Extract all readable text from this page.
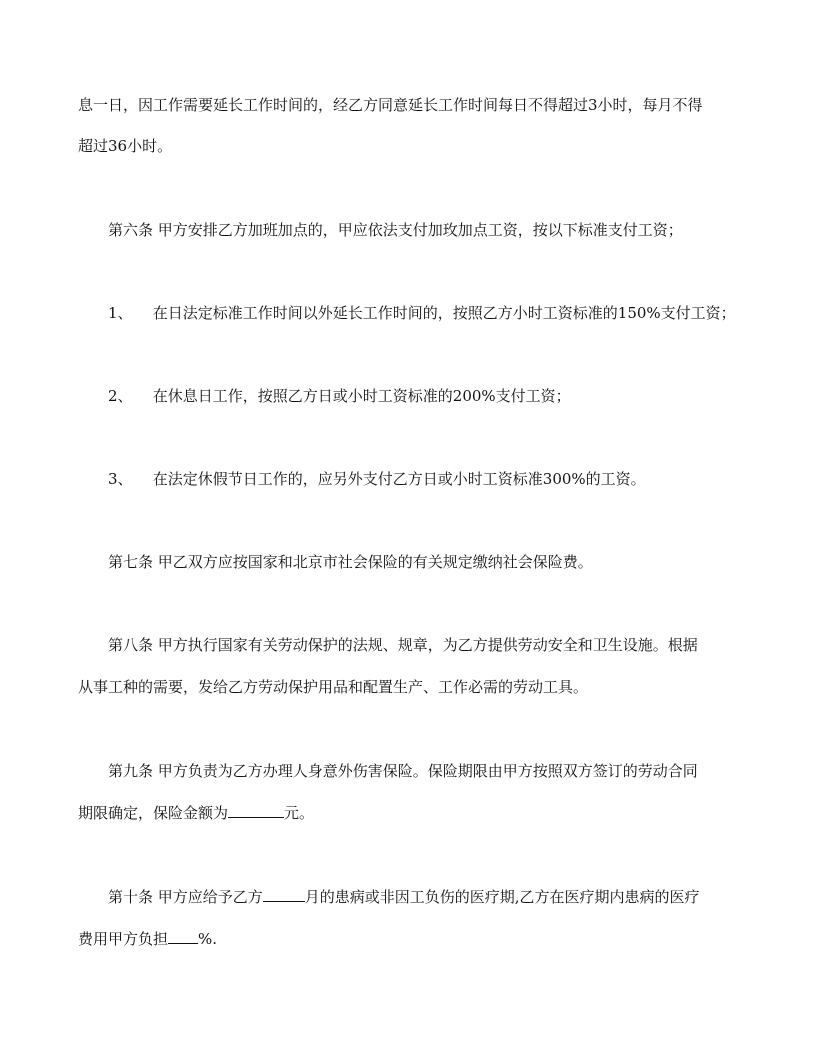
息一日，因工作需要延长工作时间的，经乙方同意延长工作时间每日不得超过3小时，每月不得
超过36小时。
第六条 甲方安排乙方加班加点的，甲应依法支付加玫加点工资，按以下标准支付工资；
1、 在日法定标准工作时间以外延长工作时间的，按照乙方小时工资标准的150%支付工资；
2、 在休息日工作，按照乙方日或小时工资标准的200%支付工资；
3、 在法定休假节日工作的，应另外支付乙方日或小时工资标准300%的工资。
第七条 甲乙双方应按国家和北京市社会保险的有关规定缴纳社会保险费。
第八条 甲方执行国家有关劳动保护的法规、规章，为乙方提供劳动安全和卫生设施。根据
从事工种的需要，发给乙方劳动保护用品和配置生产、工作必需的劳动工具。
第九条 甲方负责为乙方办理人身意外伤害保险。保险期限由甲方按照双方签订的劳动合同
期限确定，保险金额为	元。
第十条 甲方应给予乙方	月的患病或非因工负伤的医疗期,乙方在医疗期内患病的医疗
费用甲方负担 %.
